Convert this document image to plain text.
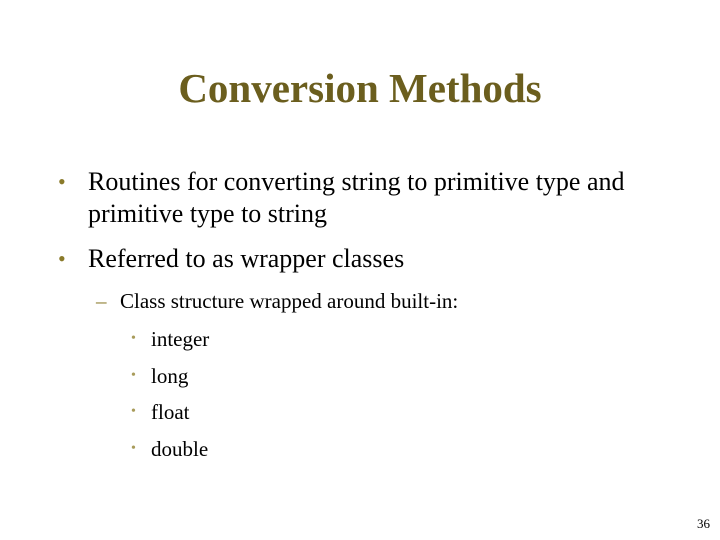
Conversion Methods
• Routines for converting string to primitive type and primitive type to string
• Referred to as wrapper classes
– Class structure wrapped around built-in:
• integer
• long
• float
• double
36
